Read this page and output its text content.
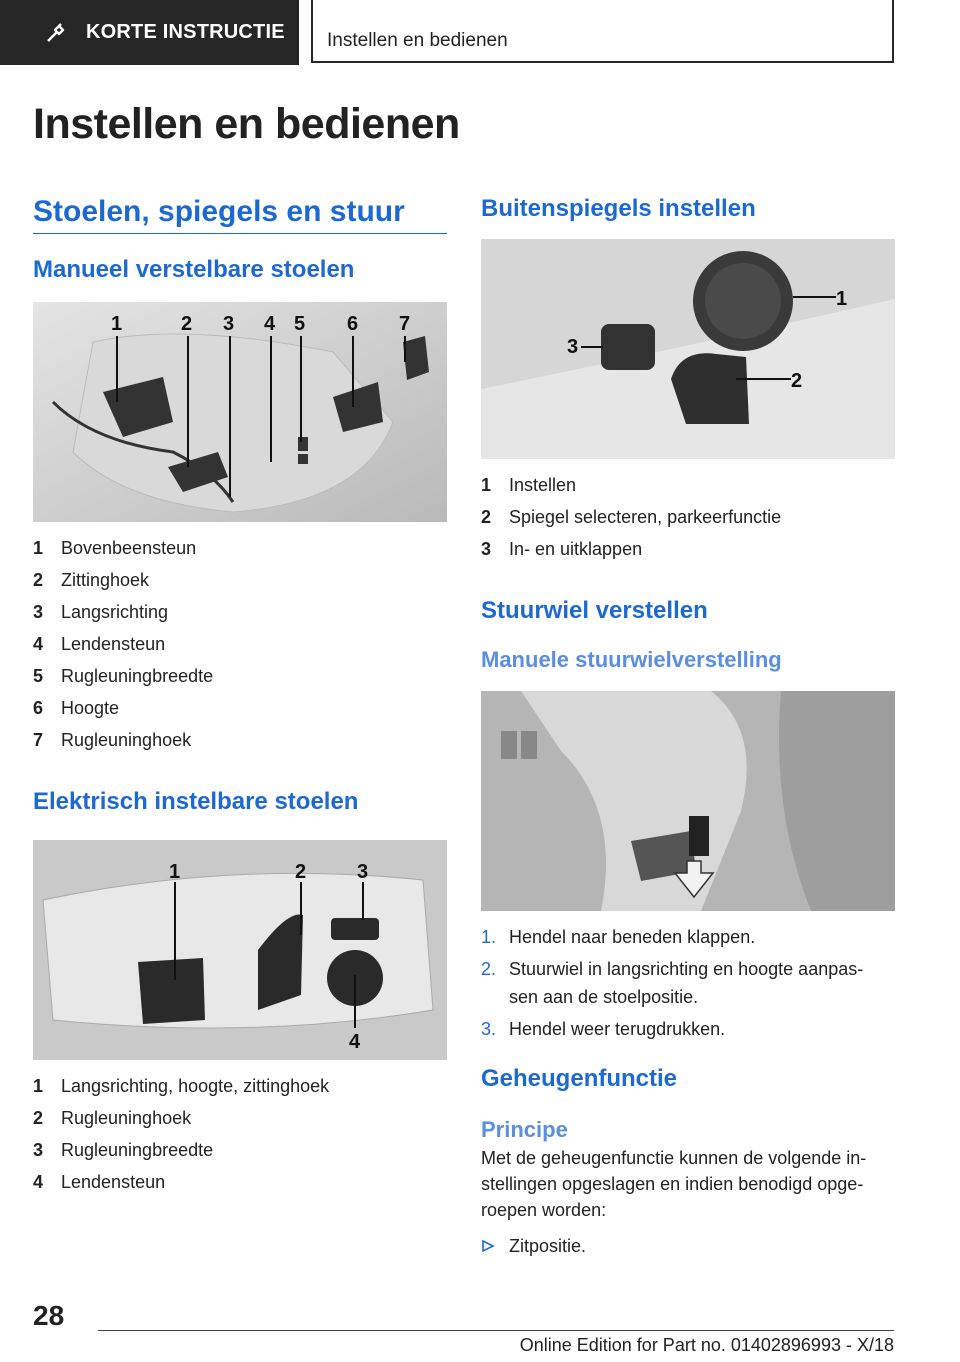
KORTE INSTRUCTIE Instellen en bedienen
Instellen en bedienen
Stoelen, spiegels en stuur
Manueel verstelbare stoelen
1	2 3 4 5 6 7
1 Bovenbeensteun
2 Zittinghoek
3 Langsrichting
4 Lendensteun
5 Rugleuningbreedte
6 Hoogte
7 Rugleuninghoek
Elektrisch instelbare stoelen
1	2	3
4
1 Langsrichting, hoogte, zittinghoek
2 Rugleuninghoek
3 Rugleuningbreedte
4 Lendensteun
Buitenspiegels instellen
1
2
3
1 Instellen
2 Spiegel selecteren, parkeerfunctie
3 In- en uitklappen
Stuurwiel verstellen
Manuele stuurwielverstelling
1. Hendel naar beneden klappen.
2. Stuurwiel in langsrichting en hoogte aanpas-
sen aan de stoelpositie.
3. Hendel weer terugdrukken.
Geheugenfunctie
Principe

Met de geheugenfunctie kunnen de volgende in-

stellingen opgeslagen en indien benodigd opge-

roepen worden:

Zitpositie.
28
Online Edition for Part no. 01402896993 - X/18
